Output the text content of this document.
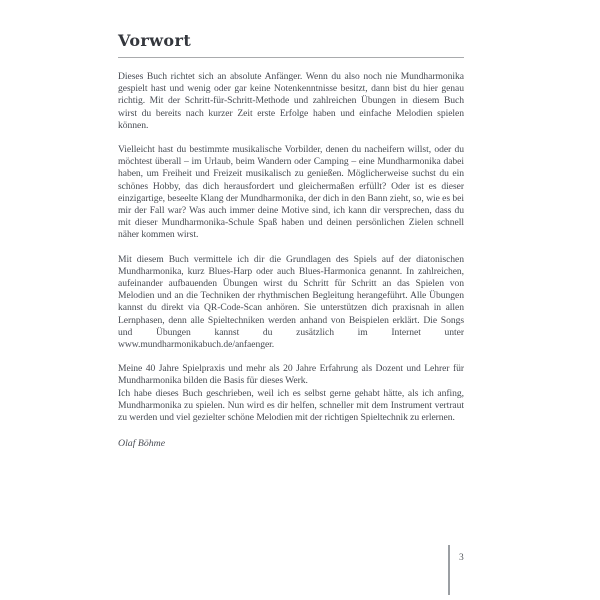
Vorwort

Dieses Buch richtet sich an absolute Anfänger. Wenn du also noch nie Mundharmonika gespielt hast und wenig oder gar keine Notenkenntnisse besitzt, dann bist du hier genau richtig. Mit der Schritt-für-Schritt-Methode und zahlreichen Übungen in diesem Buch wirst du bereits nach kurzer Zeit erste Erfolge haben und einfache Melodien spielen können.

Vielleicht hast du bestimmte musikalische Vorbilder, denen du nacheifern willst, oder du möchtest überall – im Urlaub, beim Wandern oder Camping – eine Mundharmonika dabei haben, um Freiheit und Freizeit musikalisch zu genießen. Möglicherweise suchst du ein schönes Hobby, das dich herausfordert und gleichermaßen erfüllt? Oder ist es dieser einzigartige, beseelte Klang der Mundharmonika, der dich in den Bann zieht, so, wie es bei mir der Fall war? Was auch immer deine Motive sind, ich kann dir versprechen, dass du mit dieser Mundharmonika-Schule Spaß haben und deinen persönlichen Zielen schnell näher kommen wirst.

Mit diesem Buch vermittele ich dir die Grundlagen des Spiels auf der diatonischen Mundharmonika, kurz Blues-Harp oder auch Blues-Harmonica genannt. In zahlreichen, aufeinander aufbauenden Übungen wirst du Schritt für Schritt an das Spielen von Melodien und an die Techniken der rhythmischen Begleitung herangeführt. Alle Übungen kannst du direkt via QR-Code-Scan anhören. Sie unterstützen dich praxisnah in allen Lernphasen, denn alle Spieltechniken werden anhand von Beispielen erklärt. Die Songs und Übungen kannst du zusätzlich im Internet unter www.mundharmonikabuch.de/anfaenger.

Meine 40 Jahre Spielpraxis und mehr als 20 Jahre Erfahrung als Dozent und Lehrer für Mundharmonika bilden die Basis für dieses Werk.

Ich habe dieses Buch geschrieben, weil ich es selbst gerne gehabt hätte, als ich anfing, Mundharmonika zu spielen. Nun wird es dir helfen, schneller mit dem Instrument vertraut zu werden und viel gezielter schöne Melodien mit der richtigen Spieltechnik zu erlernen.

Olaf Böhme
3
